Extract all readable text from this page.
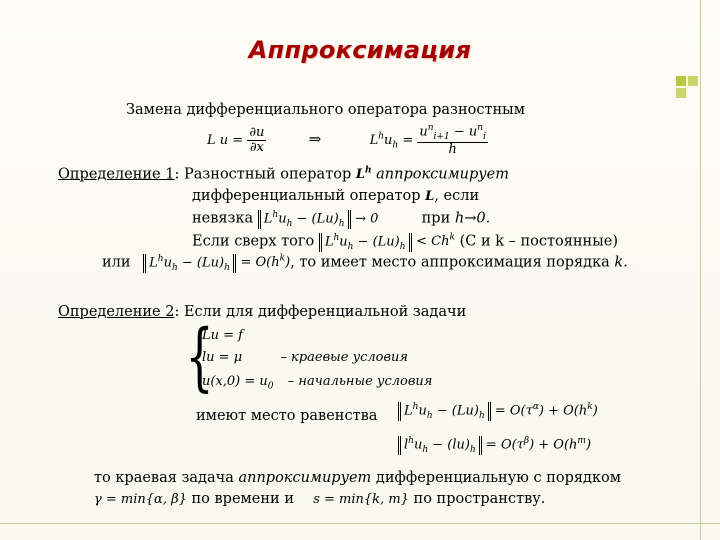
Аппроксимация
Замена дифференциального оператора разностным
L $u = \frac{\partial u}{\partial x}$	⇒	$L^hu_h = \frac{u^n_{i+1} - u^n_i}{h}$
Определение 1: Разностный оператор $L^h$ аппроксимирует
дифференциальный оператор L, если
невязка $L^hu_h - (Lu)_h \to 0$	при h→0.
Если сверх того $L^hu_h - (Lu)_h < Ch^k$ (C и k – постоянные)
или $L^hu_h - (Lu)_h = O(h^k)$, то имеет место аппроксимация порядка k.
Определение 2: Если для дифференциальной задачи
{
Lu = f
lu = μ	– краевые условия
$u(x,0) = u_0$ – начальные условия
имеют место равенства	$L^hu_h - (Lu)_h = O(\tau^\alpha) + O(h^k)$
$l^hu_h - (lu)_h = O(\tau^\beta) + O(h^m)$
то краевая задача аппроксимирует дифференциальную с порядком
γ = min{α, β} по времени и s = min{k, m} по пространству.
